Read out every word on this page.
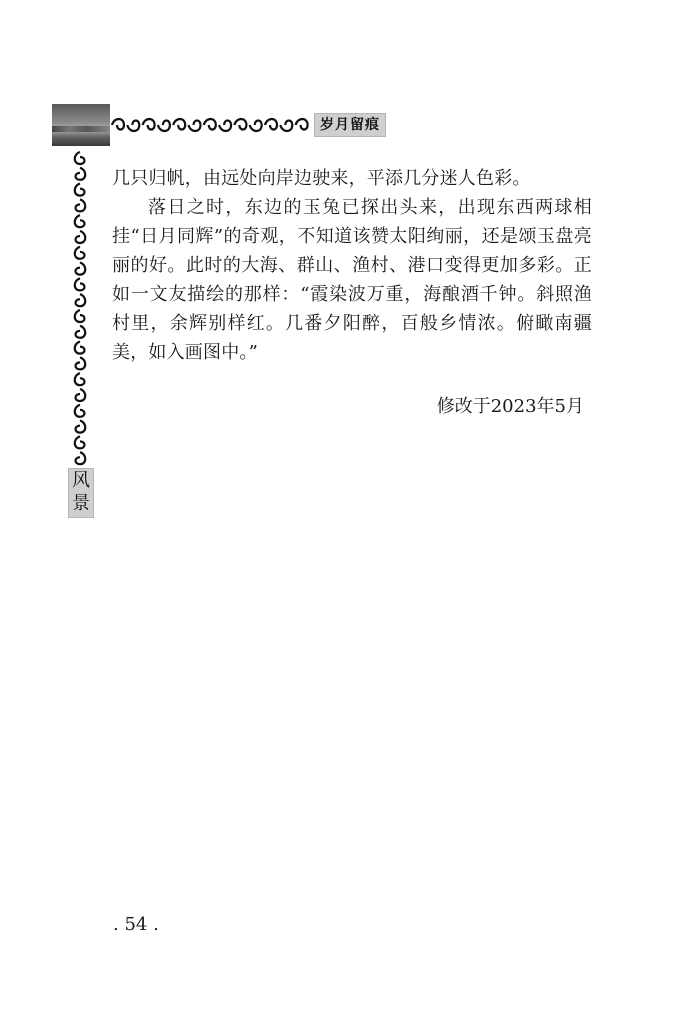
岁月留痕
风
景

几只归帆，由远处向岸边驶来，平添几分迷人色彩。

落日之时，东边的玉兔已探出头来，出现东西两球相挂“日月同辉”的奇观，不知道该赞太阳绚丽，还是颂玉盘亮丽的好。此时的大海、群山、渔村、港口变得更加多彩。正如一文友描绘的那样：“霞染波万重，海酿酒千钟。斜照渔村里，余辉别样红。几番夕阳醉，百般乡情浓。俯瞰南疆美，如入画图中。”

修改于2023年5月
. 54 .
